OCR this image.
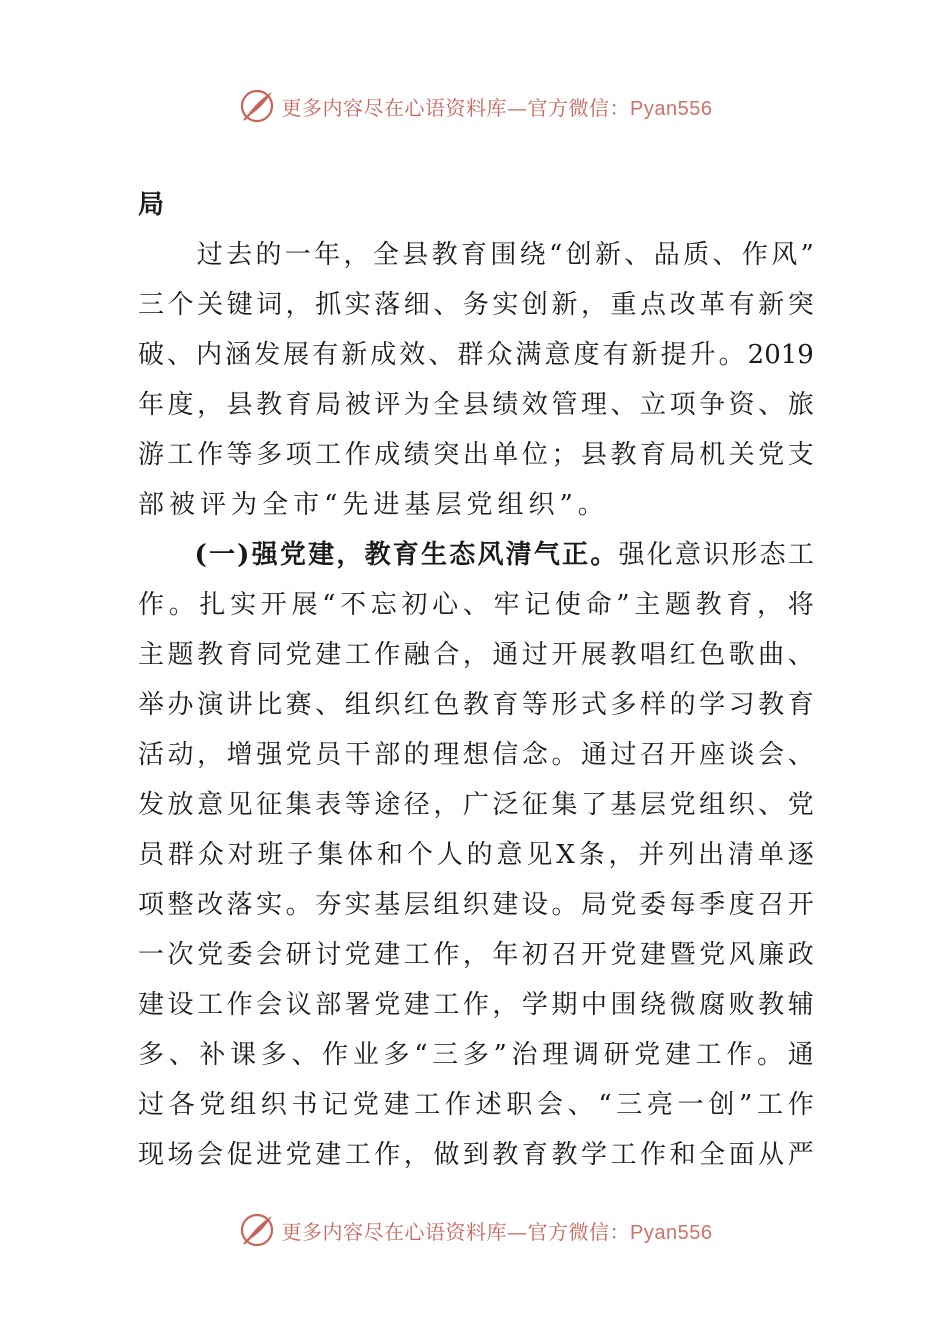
更多内容尽在心语资料库—官方微信：Pyan556
局

过 去 的 一 年 ， 全 县 教 育 围 绕 “ 创 新 、 品 质 、 作 风 ”
三 个 关 键 词 ， 抓 实 落 细 、 务 实 创 新 ， 重 点 改 革 有 新 突
破 、 内 涵 发 展 有 新 成 效 、 群 众 满 意 度 有 新 提 升 。 2019
年 度 ， 县 教 育 局 被 评 为 全 县 绩 效 管 理 、 立 项 争 资 、 旅
游 工 作 等 多 项 工 作 成 绩 突 出 单 位 ； 县 教 育 局 机 关 党 支
部 被 评 为 全 市 “ 先 进 基 层 党 组 织 ” 。

( 一 ) 强 党 建 ， 教 育 生 态 风 清 气 正 。 强 化 意 识 形 态 工
作 。 扎 实 开 展 “ 不 忘 初 心 、 牢 记 使 命 ” 主 题 教 育 ， 将
主 题 教 育 同 党 建 工 作 融 合 ， 通 过 开 展 教 唱 红 色 歌 曲 、
举 办 演 讲 比 赛 、 组 织 红 色 教 育 等 形 式 多 样 的 学 习 教 育
活 动 ， 增 强 党 员 干 部 的 理 想 信 念 。 通 过 召 开 座 谈 会 、
发 放 意 见 征 集 表 等 途 径 ， 广 泛 征 集 了 基 层 党 组 织 、 党
员 群 众 对 班 子 集 体 和 个 人 的 意 见 X 条 ， 并 列 出 清 单 逐
项 整 改 落 实 。 夯 实 基 层 组 织 建 设 。 局 党 委 每 季 度 召 开
一 次 党 委 会 研 讨 党 建 工 作 ， 年 初 召 开 党 建 暨 党 风 廉 政
建 设 工 作 会 议 部 署 党 建 工 作 ， 学 期 中 围 绕 微 腐 败 教 辅
多 、 补 课 多 、 作 业 多 “ 三 多 ” 治 理 调 研 党 建 工 作 。 通
过 各 党 组 织 书 记 党 建 工 作 述 职 会 、 “ 三 亮 一 创 ” 工 作
现 场 会 促 进 党 建 工 作 ， 做 到 教 育 教 学 工 作 和 全 面 从 严
更多内容尽在心语资料库—官方微信：Pyan556
